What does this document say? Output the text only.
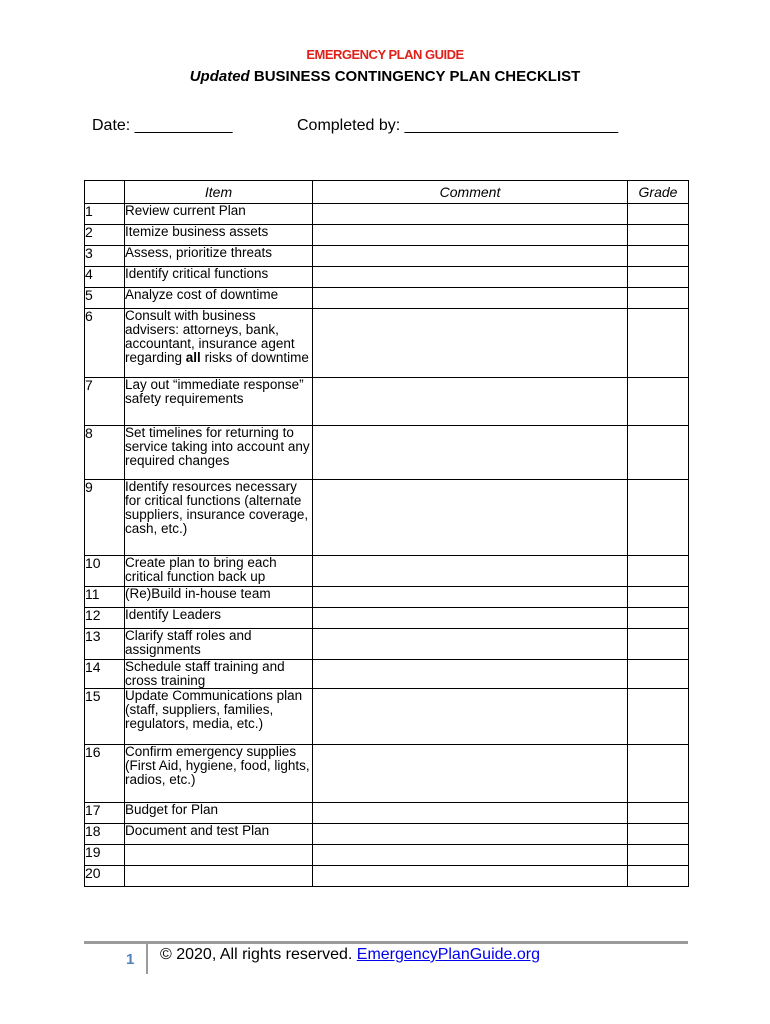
EMERGENCY PLAN GUIDE
Updated BUSINESS CONTINGENCY PLAN CHECKLIST
Date: ___________	Completed by: ________________________
	Item	Comment	Grade
1	Review current Plan		
2	Itemize business assets		
3	Assess, prioritize threats		
4	Identify critical functions		
5	Analyze cost of downtime		
6	Consult with business advisers: attorneys, bank, accountant, insurance agent regarding all risks of downtime		
7	Lay out “immediate response” safety requirements		
8	Set timelines for returning to service taking into account any required changes		
9	Identify resources necessary for critical functions (alternate suppliers, insurance coverage, cash, etc.)		
10	Create plan to bring each critical function back up		
11	(Re)Build in-house team		
12	Identify Leaders		
13	Clarify staff roles and assignments		
14	Schedule staff training and cross training		
15	Update Communications plan (staff, suppliers, families, regulators, media, etc.)		
16	Confirm emergency supplies (First Aid, hygiene, food, lights, radios, etc.)		
17	Budget for Plan		
18	Document and test Plan		
19			
20			
1 © 2020, All rights reserved. EmergencyPlanGuide.org
